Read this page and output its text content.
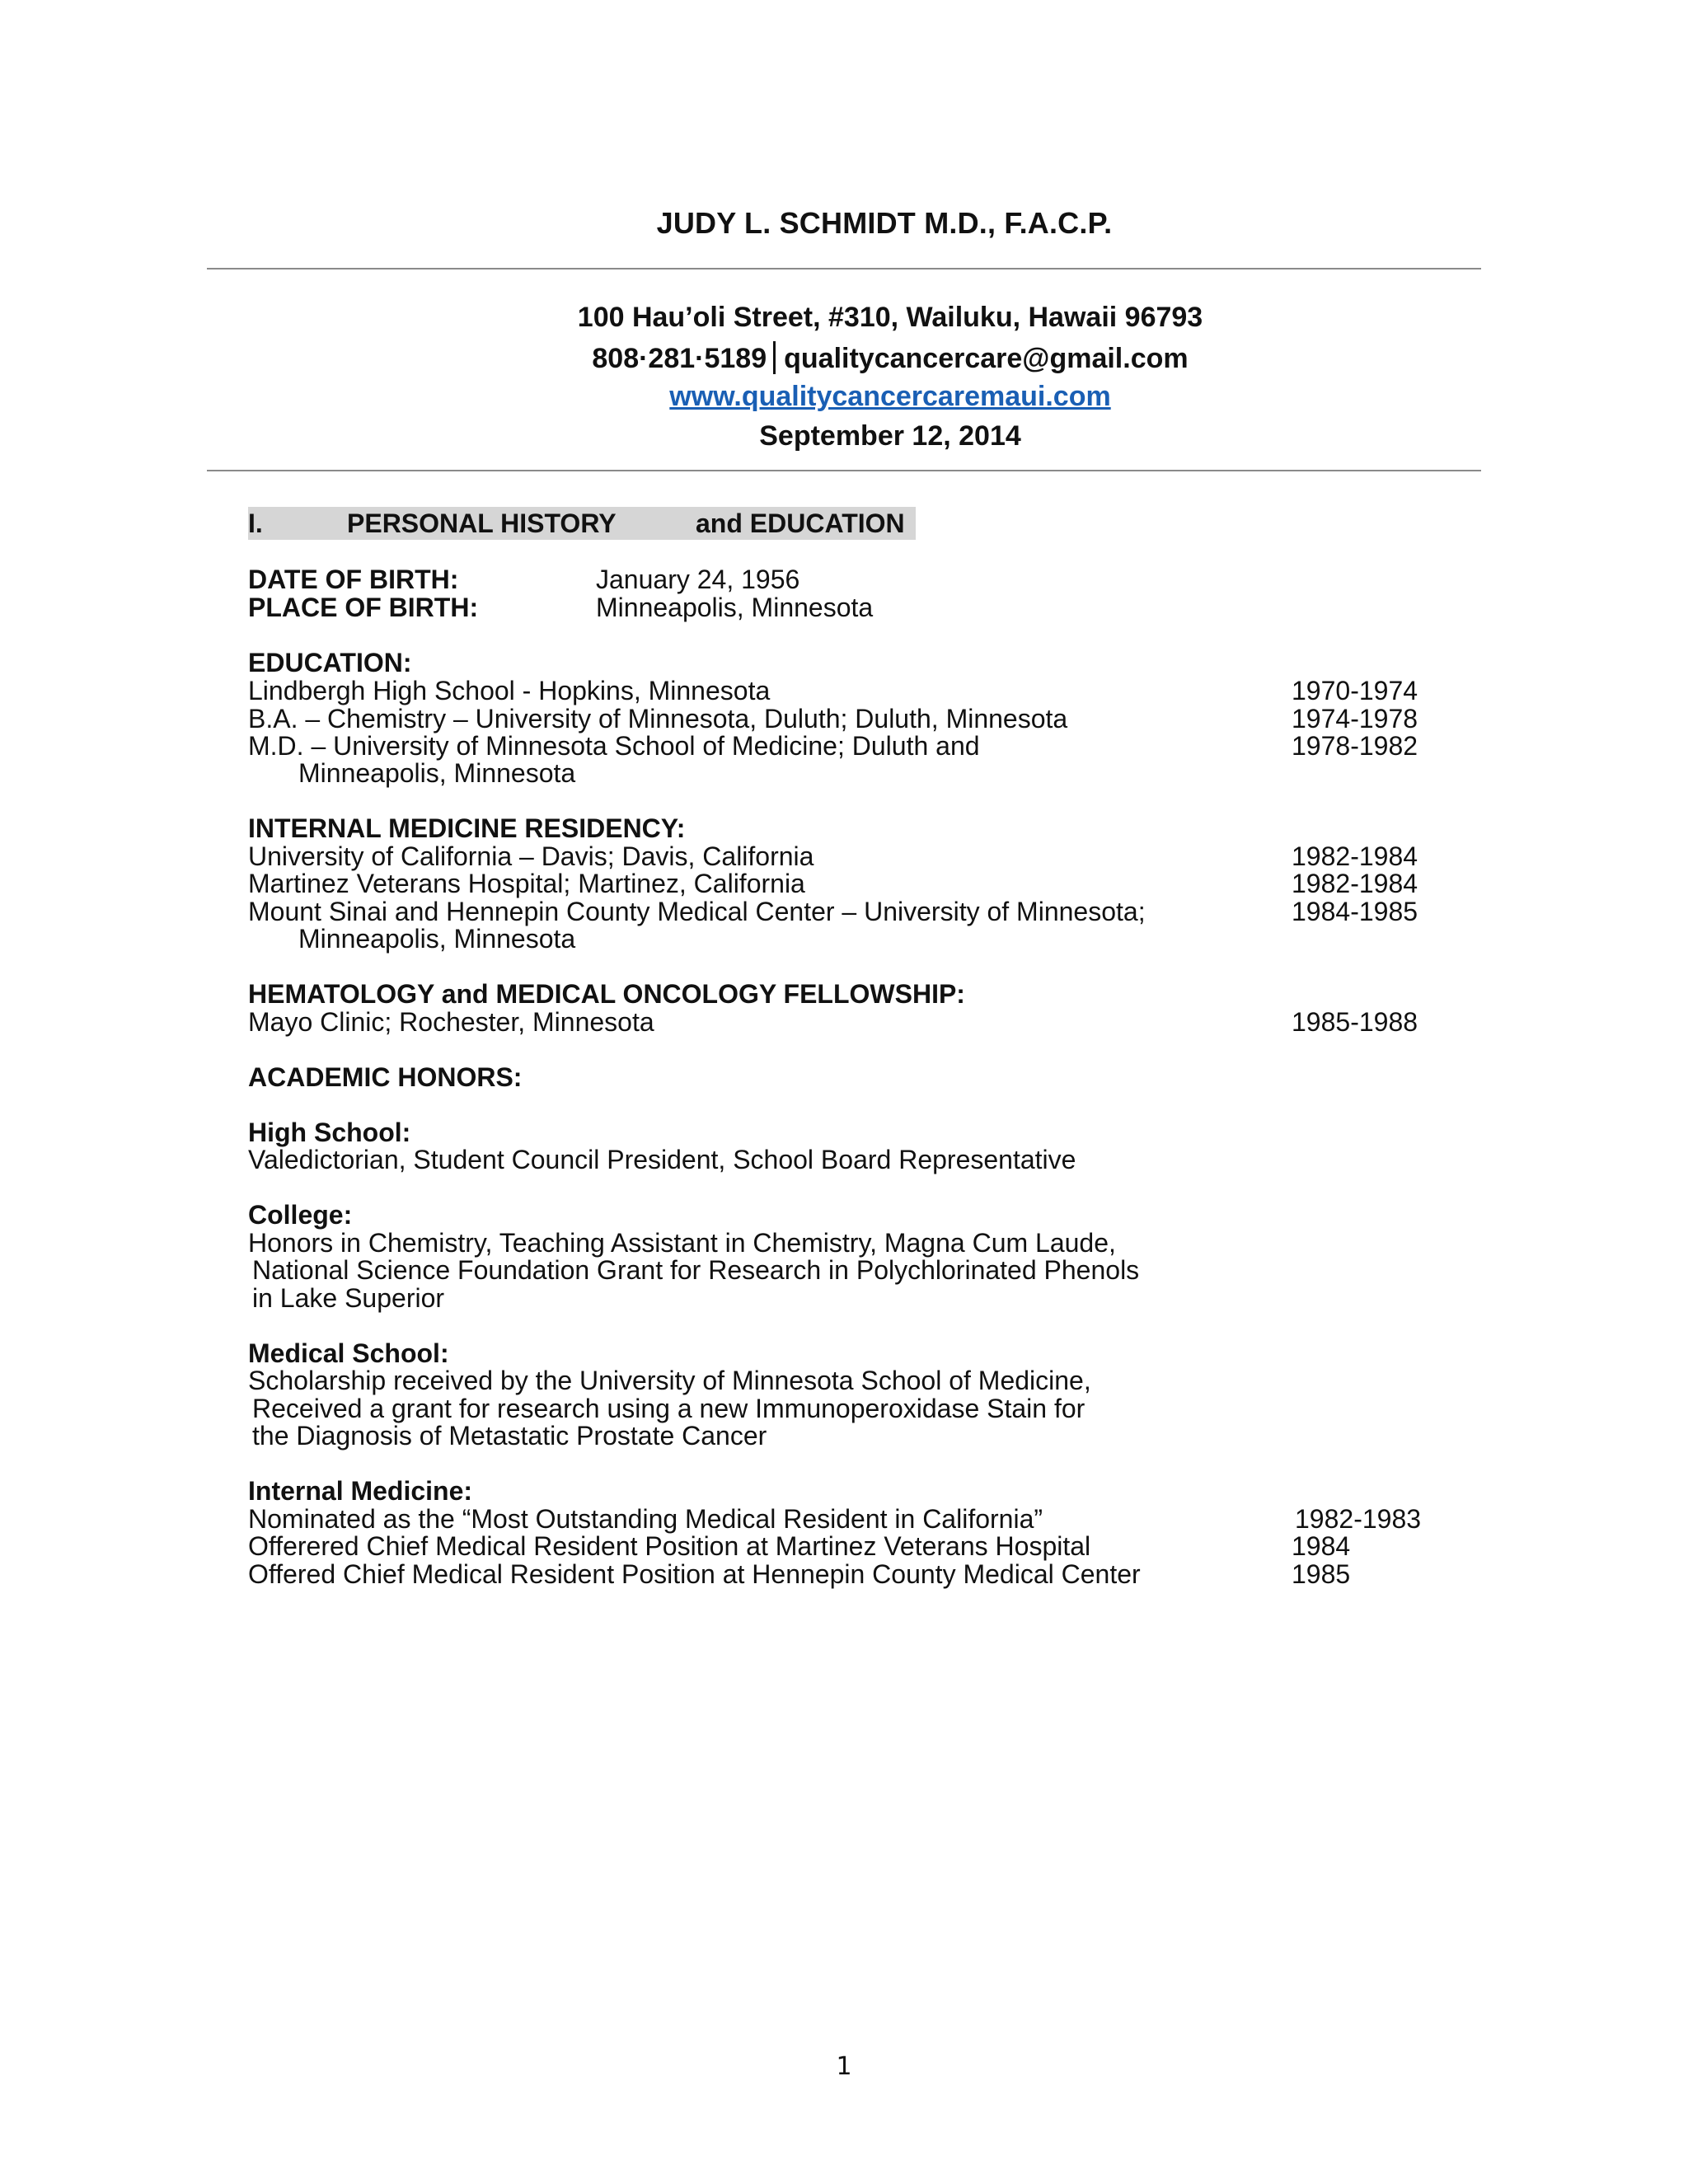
JUDY L. SCHMIDT M.D., F.A.C.P.
100 Hau’oli Street, #310, Wailuku, Hawaii 96793
808·281·5189 qualitycancercare@gmail.com
www.qualitycancercaremaui.com
September 12, 2014
I.	PERSONAL HISTORY	and EDUCATION
DATE OF BIRTH:	January 24, 1956
PLACE OF BIRTH:	Minneapolis, Minnesota
EDUCATION:
Lindbergh High School - Hopkins, Minnesota	1970-1974
B.A. – Chemistry – University of Minnesota, Duluth; Duluth, Minnesota	1974-1978
M.D. – University of Minnesota School of Medicine; Duluth and	1978-1982
Minneapolis, Minnesota
INTERNAL MEDICINE RESIDENCY:
University of California – Davis; Davis, California	1982-1984
Martinez Veterans Hospital; Martinez, California	1982-1984
Mount Sinai and Hennepin County Medical Center – University of Minnesota;	1984-1985
Minneapolis, Minnesota
HEMATOLOGY and MEDICAL ONCOLOGY FELLOWSHIP:
Mayo Clinic; Rochester, Minnesota	1985-1988
ACADEMIC HONORS:
High School:
Valedictorian, Student Council President, School Board Representative
College:
Honors in Chemistry, Teaching Assistant in Chemistry, Magna Cum Laude,
National Science Foundation Grant for Research in Polychlorinated Phenols
in Lake Superior
Medical School:
Scholarship received by the University of Minnesota School of Medicine,
Received a grant for research using a new Immunoperoxidase Stain for
the Diagnosis of Metastatic Prostate Cancer
Internal Medicine:
Nominated as the “Most Outstanding Medical Resident in California”	1982-1983
Offerered Chief Medical Resident Position at Martinez Veterans Hospital	1984
Offered Chief Medical Resident Position at Hennepin County Medical Center	1985
1
